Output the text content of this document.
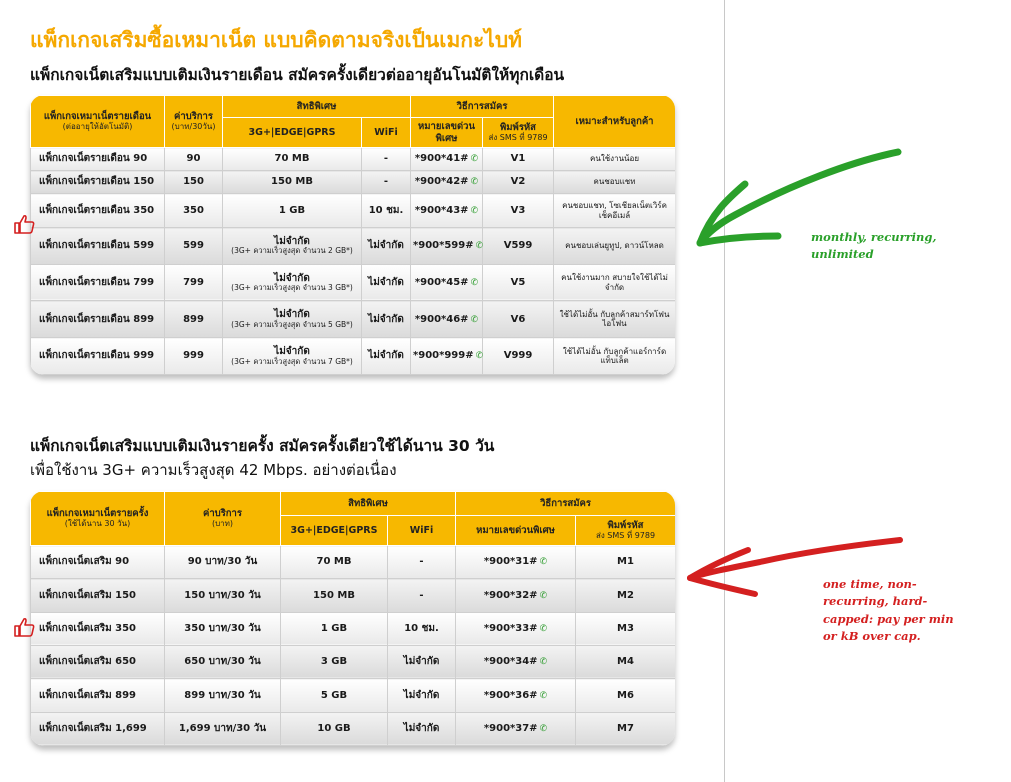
แพ็กเกจเสริมซื้อเหมาเน็ต แบบคิดตามจริงเป็นเมกะไบท์
แพ็กเกจเน็ตเสริมแบบเติมเงินรายเดือน สมัครครั้งเดียวต่ออายุอันโนมัติให้ทุกเดือน
แพ็กเกจเหมาเน็ตรายเดือน
(ต่ออายุให้อัตโนมัติ)	ค่าบริการ
(บาท/30วัน)	สิทธิพิเศษ		วิธีการสมัคร		เหมาะสำหรับลูกค้า
		3G+|EDGE|GPRS	WiFi	หมายเลขด่วนพิเศษ	พิมพ์รหัส
ส่ง SMS ที่ 9789	

แพ็กเกจเน็ตรายเดือน 90	90	70 MB	-	*900*41# ✆	V1	คนใช้งานน้อย
แพ็กเกจเน็ตรายเดือน 150	150	150 MB	-	*900*42# ✆	V2	คนชอบแชท
แพ็กเกจเน็ตรายเดือน 350	350	1 GB	10 ชม.	*900*43# ✆	V3	คนชอบแชท, โซเชียลเน็ตเวิร์ค
เช็คอีเมล์
แพ็กเกจเน็ตรายเดือน 599	599	ไม่จำกัด
(3G+ ความเร็วสูงสุด จำนวน 2 GB*)	ไม่จำกัด	*900*599# ✆	V599	คนชอบเล่นยูทูป, ดาวน์โหลด
แพ็กเกจเน็ตรายเดือน 799	799	ไม่จำกัด
(3G+ ความเร็วสูงสุด จำนวน 3 GB*)	ไม่จำกัด	*900*45# ✆	V5	คนใช้งานมาก สบายใจใช้ได้ไม่จำกัด
แพ็กเกจเน็ตรายเดือน 899	899	ไม่จำกัด
(3G+ ความเร็วสูงสุด จำนวน 5 GB*)	ไม่จำกัด	*900*46# ✆	V6	ใช้ได้ไม่อั้น กับลูกค้าสมาร์ทโฟน
ไอโฟน
แพ็กเกจเน็ตรายเดือน 999	999	ไม่จำกัด
(3G+ ความเร็วสูงสุด จำนวน 7 GB*)	ไม่จำกัด	*900*999# ✆	V999	ใช้ได้ไม่อั้น กับลูกค้าแอร์การ์ด
แท็บเล็ต
แพ็กเกจเน็ตเสริมแบบเติมเงินรายครั้ง สมัครครั้งเดียวใช้ได้นาน 30 วัน
เพื่อใช้งาน 3G+ ความเร็วสูงสุด 42 Mbps. อย่างต่อเนื่อง
แพ็กเกจเหมาเน็ตรายครั้ง
(ใช้ได้นาน 30 วัน)	ค่าบริการ
(บาท)	สิทธิพิเศษ		วิธีการสมัคร	
		3G+|EDGE|GPRS	WiFi	หมายเลขด่วนพิเศษ	พิมพ์รหัส
ส่ง SMS ที่ 9789

แพ็กเกจเน็ตเสริม 90	90 บาท/30 วัน	70 MB	-	*900*31# ✆	M1
แพ็กเกจเน็ตเสริม 150	150 บาท/30 วัน	150 MB	-	*900*32# ✆	M2
แพ็กเกจเน็ตเสริม 350	350 บาท/30 วัน	1 GB	10 ชม.	*900*33# ✆	M3
แพ็กเกจเน็ตเสริม 650	650 บาท/30 วัน	3 GB	ไม่จำกัด	*900*34# ✆	M4
แพ็กเกจเน็ตเสริม 899	899 บาท/30 วัน	5 GB	ไม่จำกัด	*900*36# ✆	M6
แพ็กเกจเน็ตเสริม 1,699	1,699 บาท/30 วัน	10 GB	ไม่จำกัด	*900*37# ✆	M7
monthly, recurring,
unlimited
one time, non-
recurring, hard-
capped: pay per min
or kB over cap.
